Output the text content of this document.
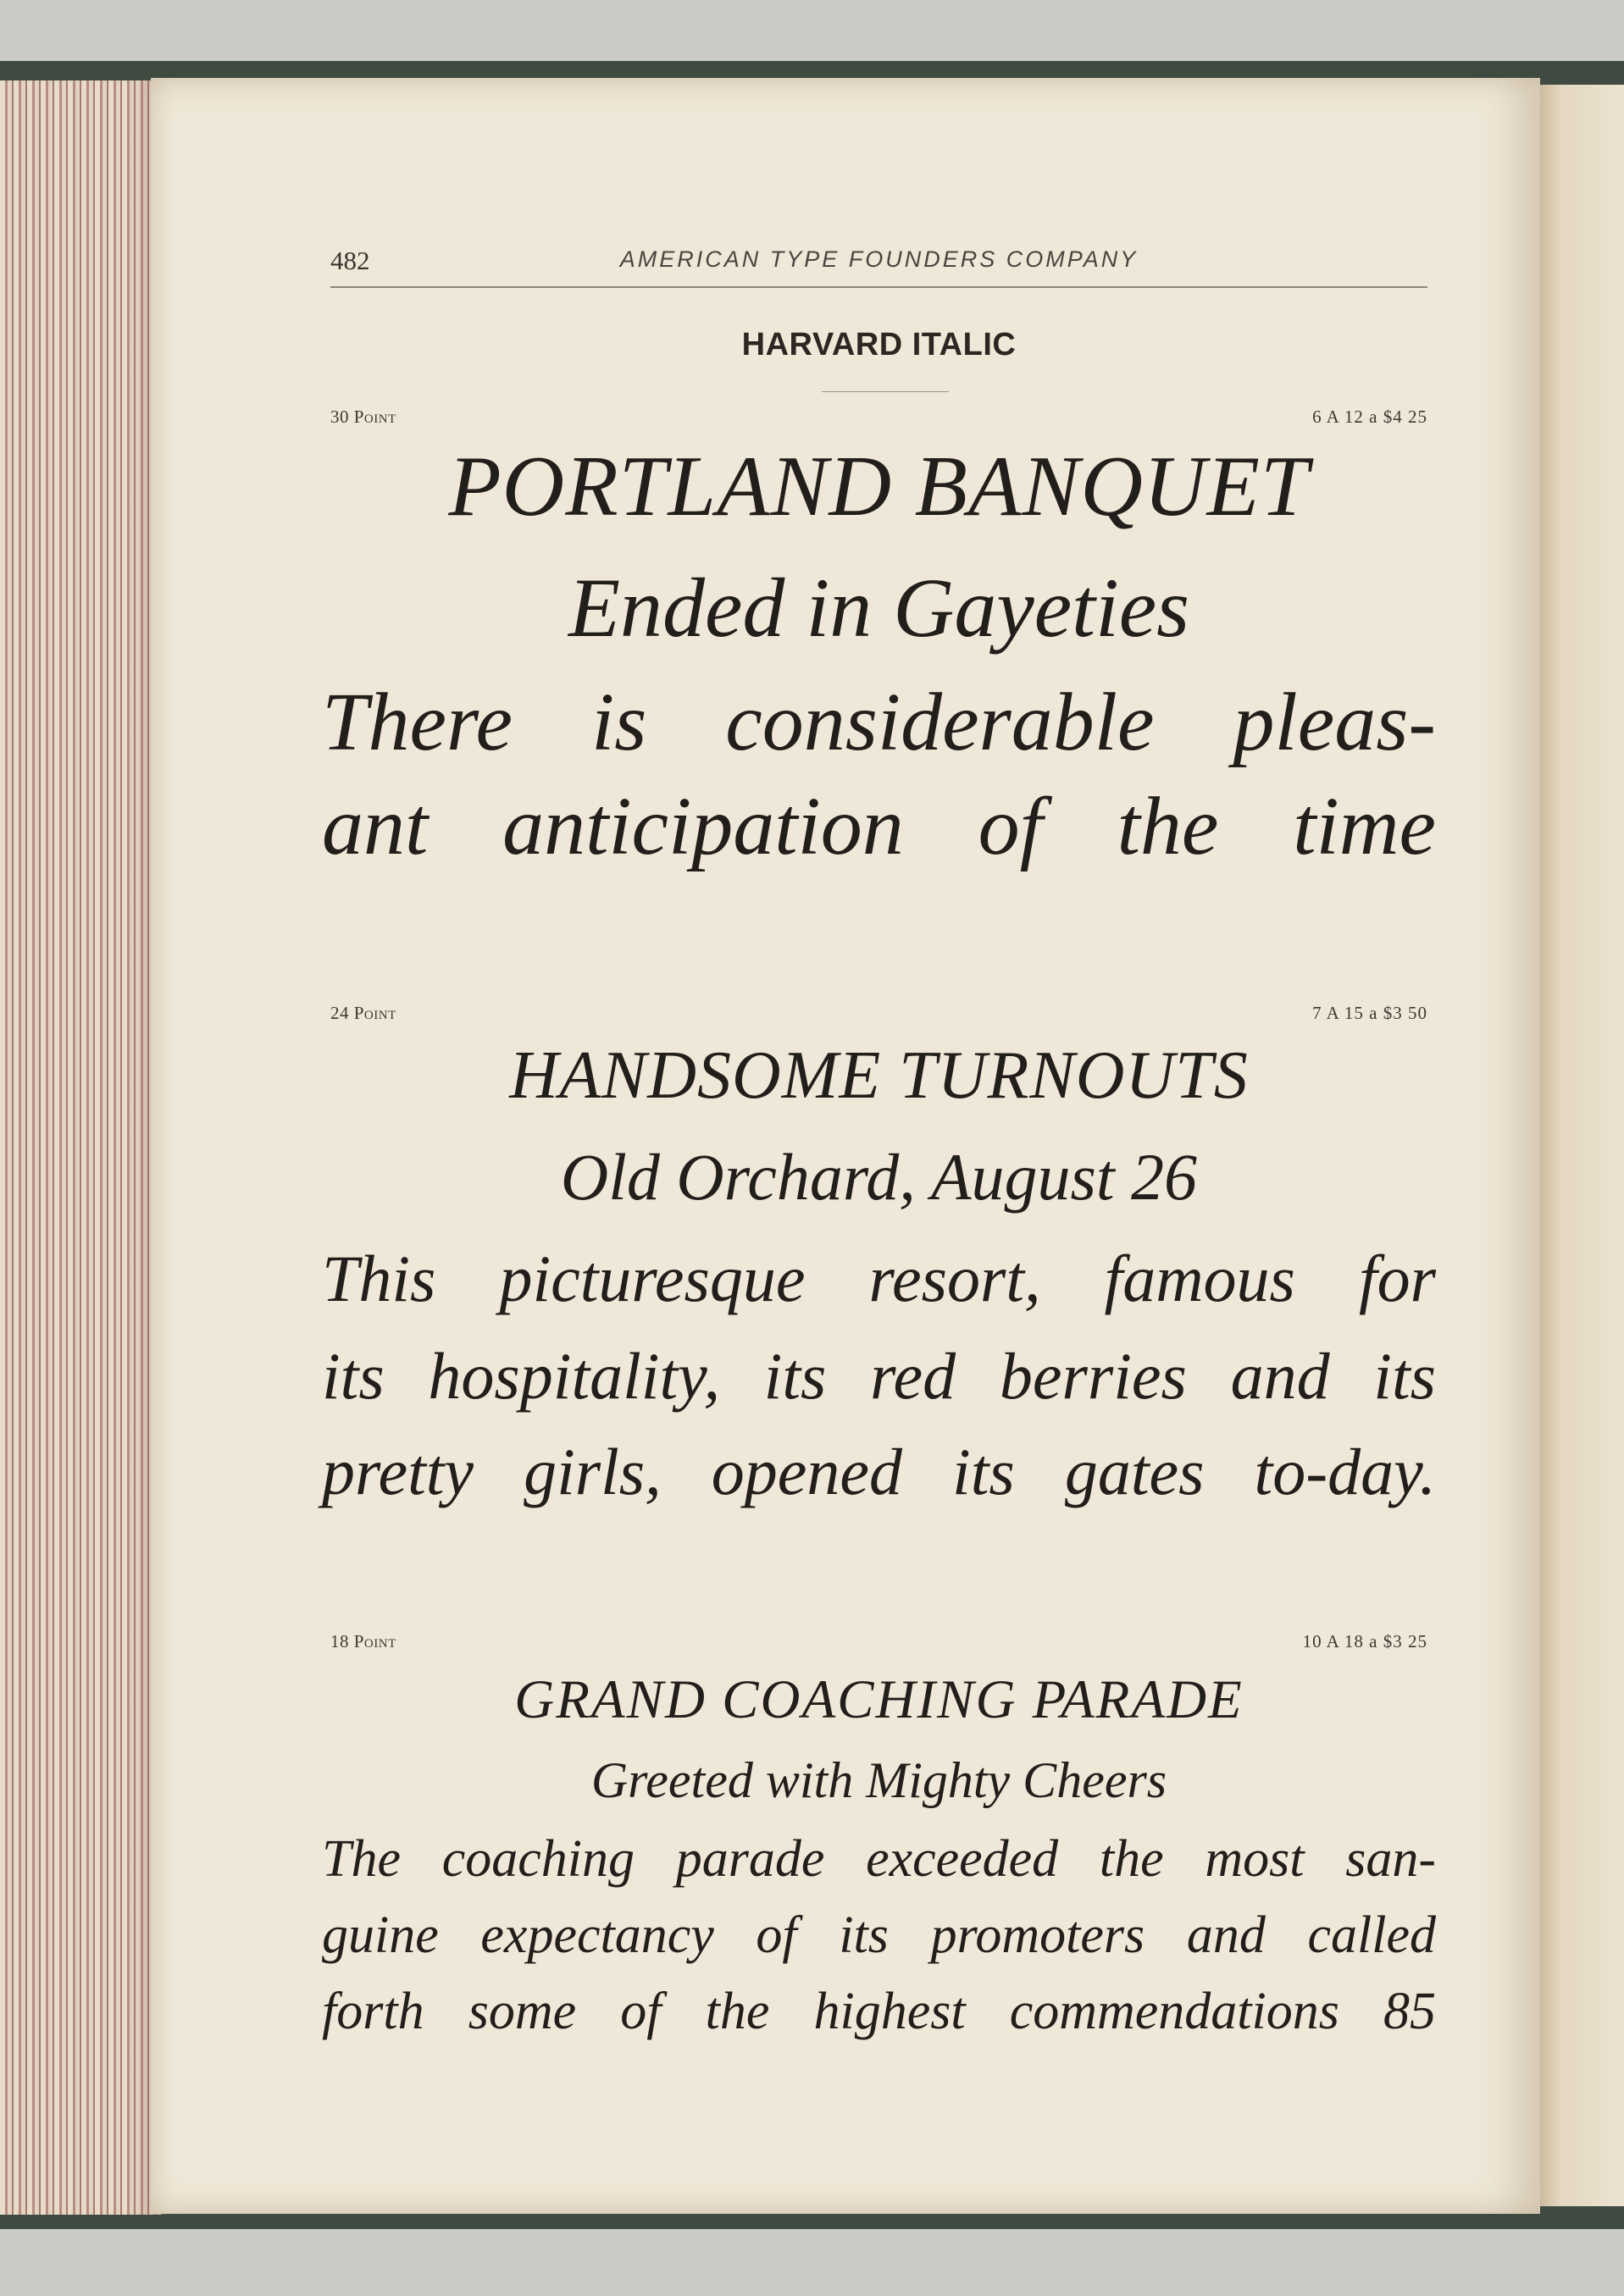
482	AMERICAN TYPE FOUNDERS COMPANY
HARVARD ITALIC
30 Point	6 A 12 a $4 25
PORTLAND BANQUET
Ended in Gayeties
There is considerable pleas-
ant anticipation of the time
24 Point	7 A 15 a $3 50
HANDSOME TURNOUTS
Old Orchard, August 26
This picturesque resort, famous for
its hospitality, its red berries and its
pretty girls, opened its gates to-day.
18 Point	10 A 18 a $3 25
GRAND COACHING PARADE
Greeted with Mighty Cheers
The coaching parade exceeded the most san-
guine expectancy of its promoters and called
forth some of the highest commendations 85
